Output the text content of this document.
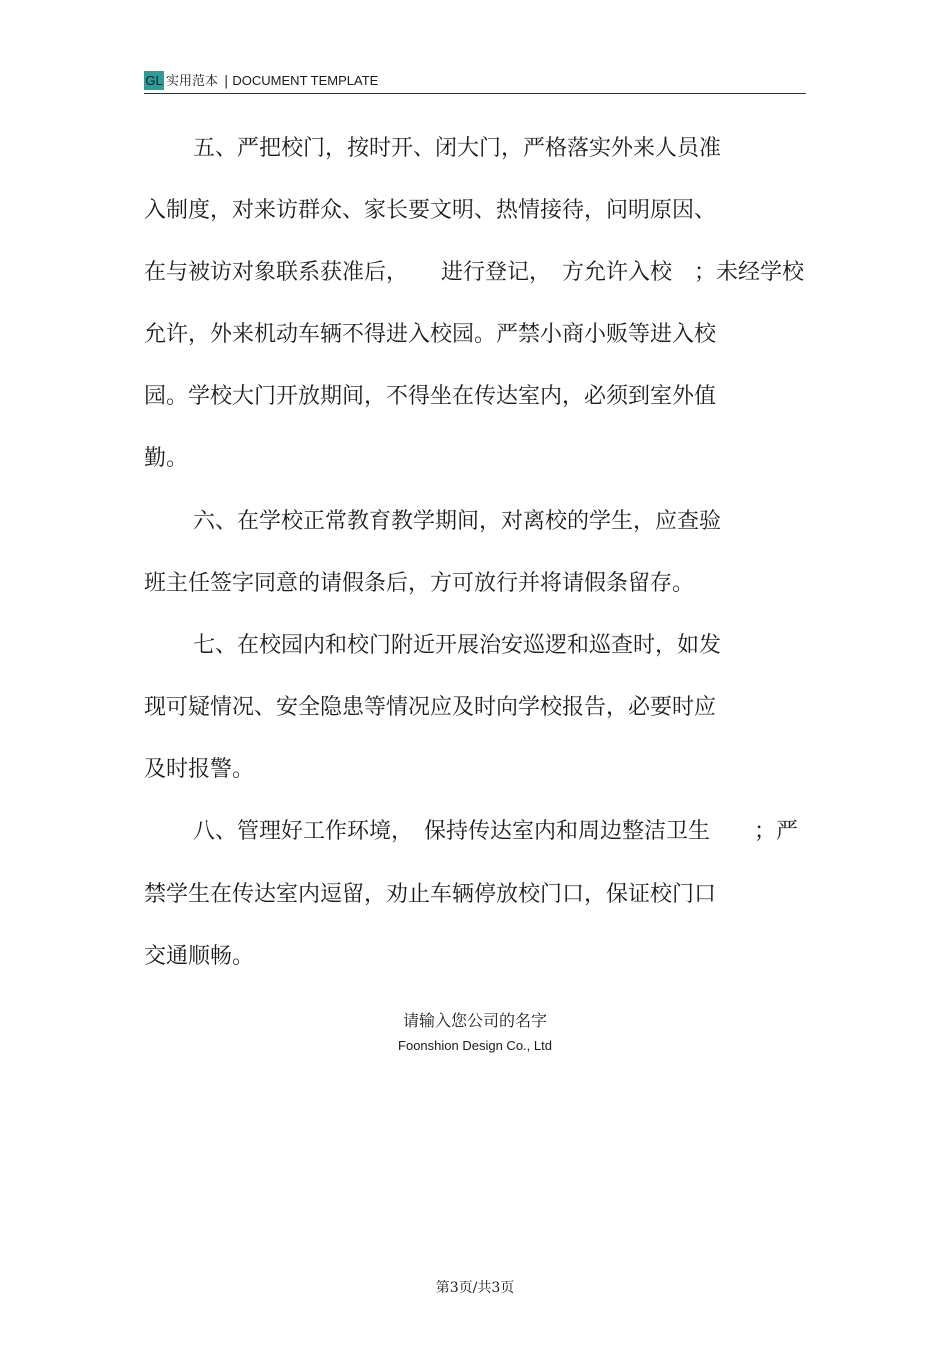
GL 实用范本 | DOCUMENT TEMPLATE

五、严把校门，按时开、闭大门，严格落实外来人员准

入制度，对来访群众、家长要文明、热情接待，问明原因、

在与被访对象联系获准后，　　进行登记，　方允许入校　；未经学校

允许，外来机动车辆不得进入校园。严禁小商小贩等进入校

园。学校大门开放期间，不得坐在传达室内，必须到室外值

勤。

六、在学校正常教育教学期间，对离校的学生，应查验

班主任签字同意的请假条后，方可放行并将请假条留存。

七、在校园内和校门附近开展治安巡逻和巡查时，如发

现可疑情况、安全隐患等情况应及时向学校报告，必要时应

及时报警。

八、管理好工作环境，　保持传达室内和周边整洁卫生　　；严

禁学生在传达室内逗留，劝止车辆停放校门口，保证校门口

交通顺畅。

请输入您公司的名字
Foonshion Design Co., Ltd
第3页/共3页
